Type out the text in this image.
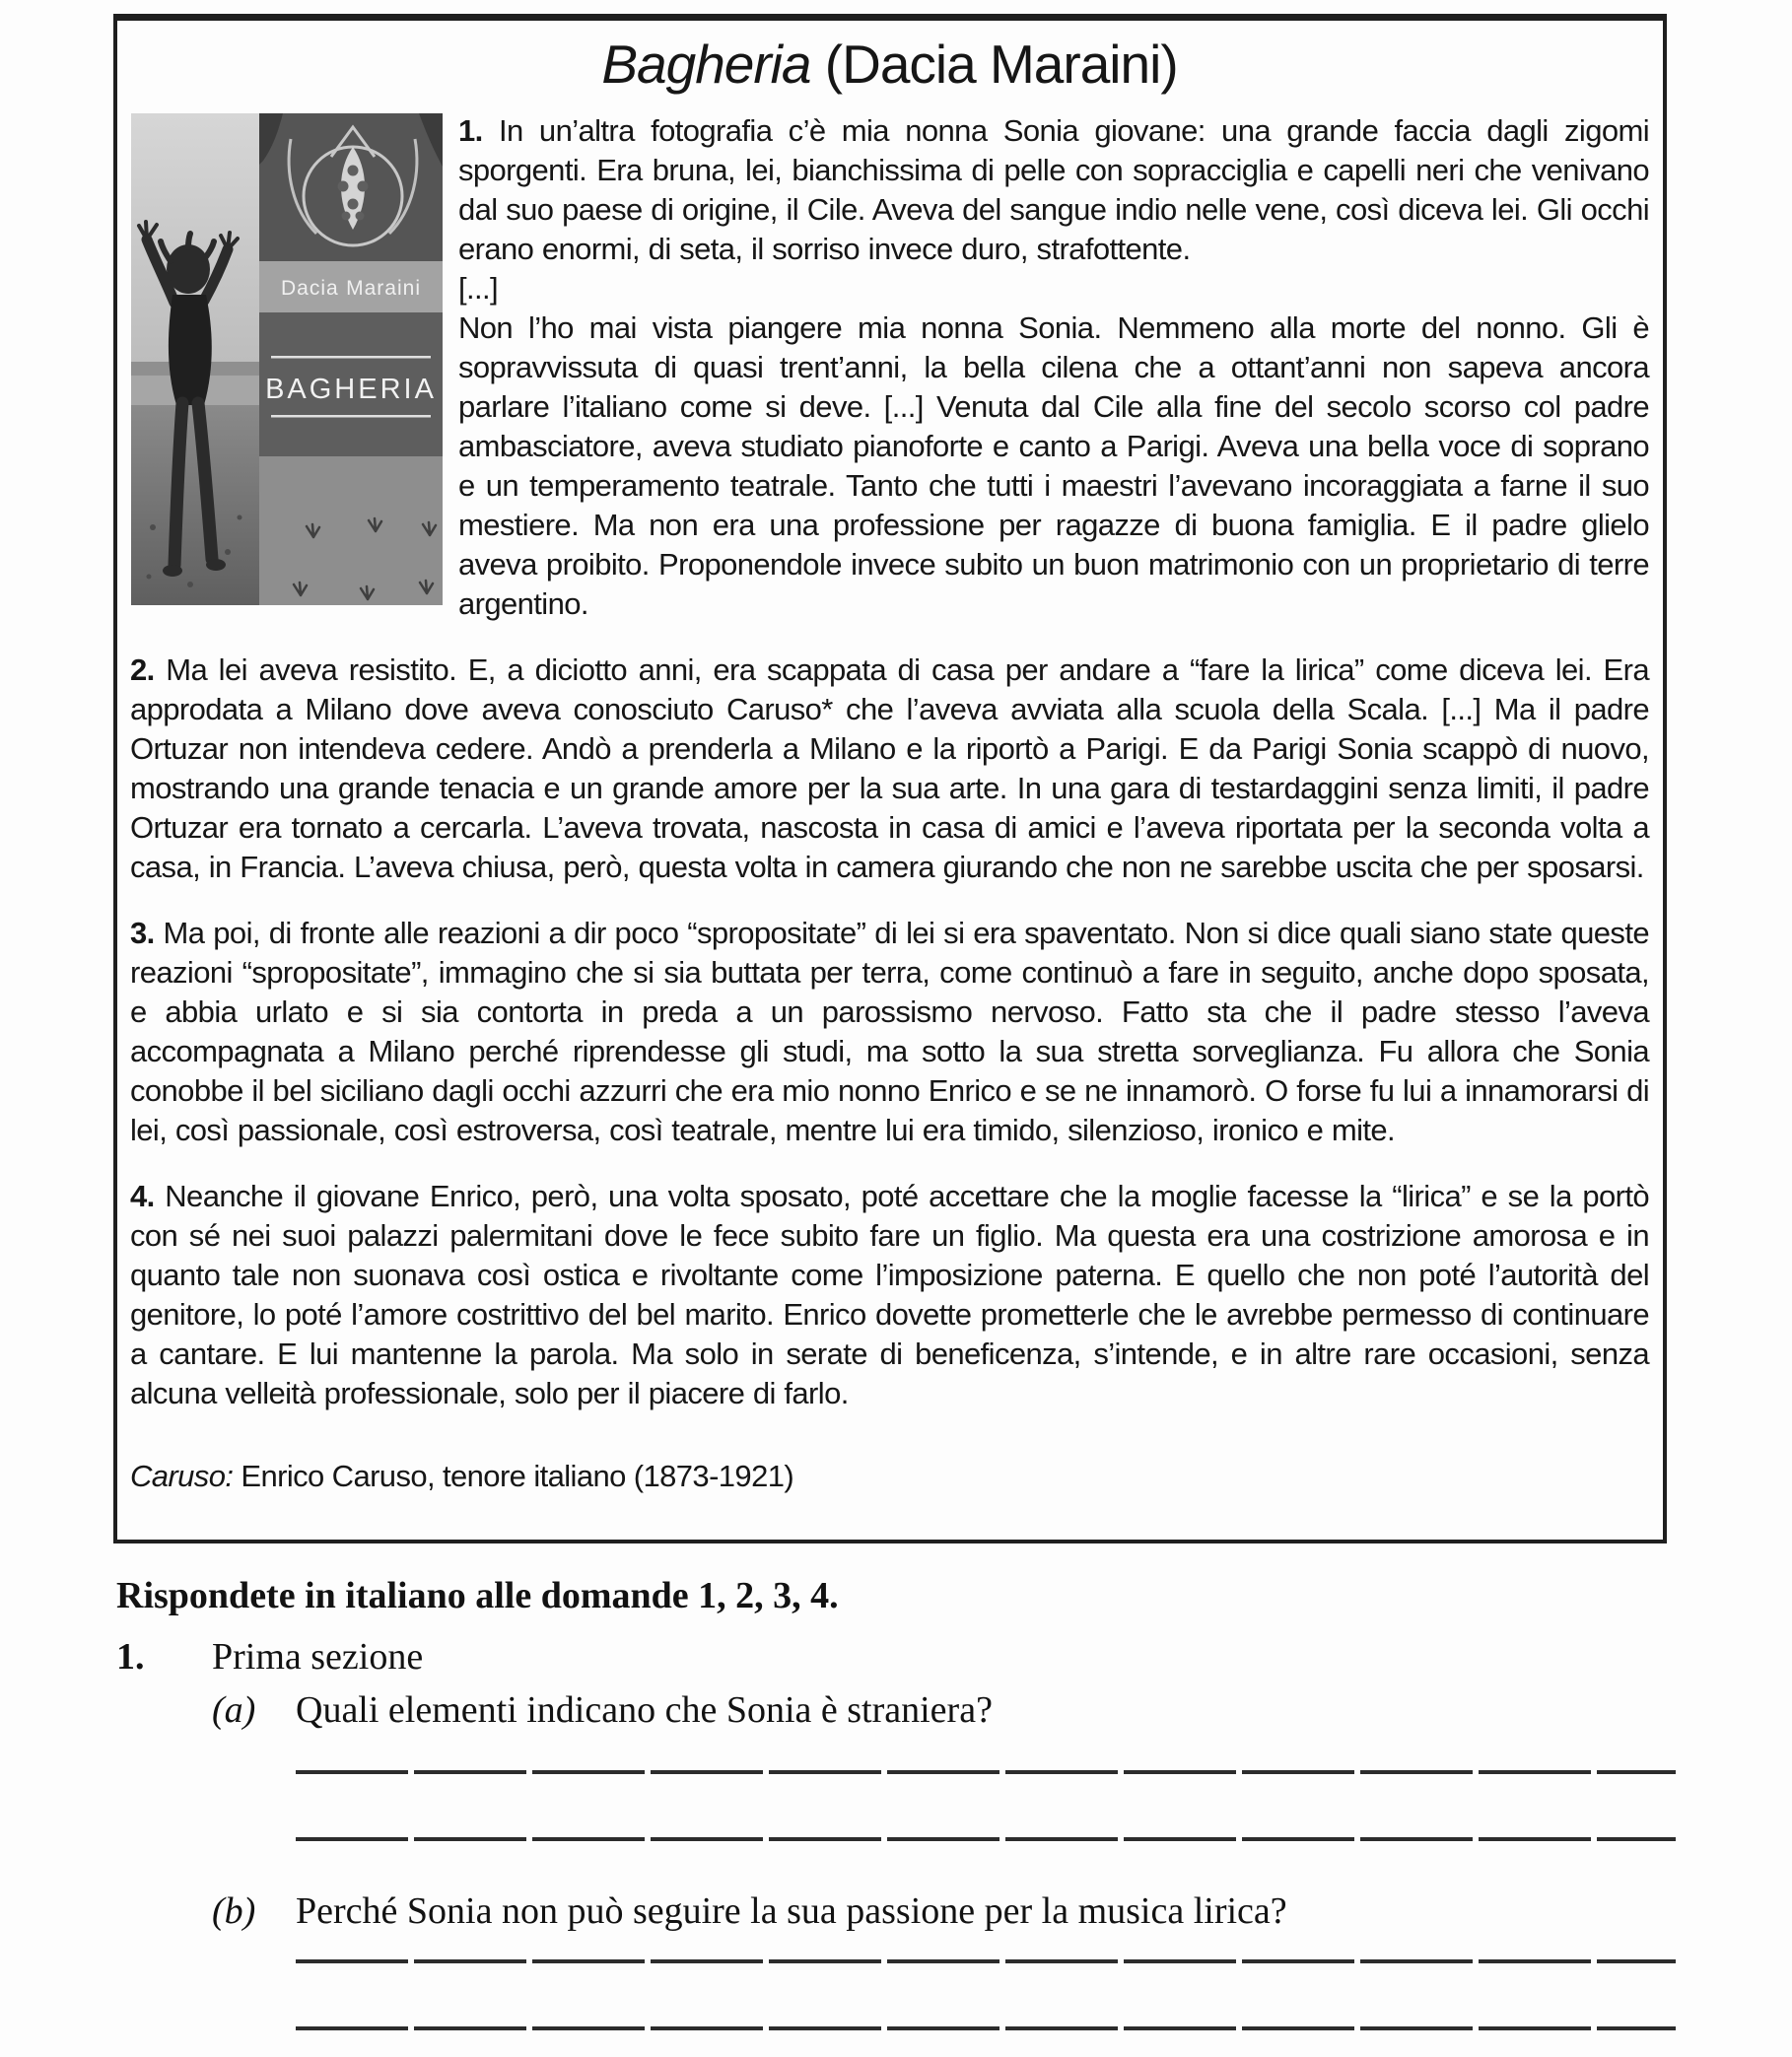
Bagheria (Dacia Maraini)

Dacia Maraini
BAGHERIA
1. In un’altra fotografia c’è mia nonna Sonia giovane: una grande faccia dagli zigomi sporgenti. Era bruna, lei, bianchissima di pelle con sopracciglia e capelli neri che venivano dal suo paese di origine, il Cile. Aveva del sangue indio nelle vene, così diceva lei. Gli occhi erano enormi, di seta, il sorriso invece duro, strafottente.
[...]
Non l’ho mai vista piangere mia nonna Sonia. Nemmeno alla morte del nonno. Gli è sopravvissuta di quasi trent’anni, la bella cilena che a ottant’anni non sapeva ancora parlare l’italiano come si deve. [...] Venuta dal Cile alla fine del secolo scorso col padre ambasciatore, aveva studiato pianoforte e canto a Parigi. Aveva una bella voce di soprano e un temperamento teatrale. Tanto che tutti i maestri l’avevano incoraggiata a farne il suo mestiere. Ma non era una professione per ragazze di buona famiglia. E il padre glielo aveva proibito. Proponendole invece subito un buon matrimonio con un proprietario di terre argentino.

2. Ma lei aveva resistito. E, a diciotto anni, era scappata di casa per andare a “fare la lirica” come diceva lei. Era approdata a Milano dove aveva conosciuto Caruso* che l’aveva avviata alla scuola della Scala. [...] Ma il padre Ortuzar non intendeva cedere. Andò a prenderla a Milano e la riportò a Parigi. E da Parigi Sonia scappò di nuovo, mostrando una grande tenacia e un grande amore per la sua arte. In una gara di testardaggini senza limiti, il padre Ortuzar era tornato a cercarla. L’aveva trovata, nascosta in casa di amici e l’aveva riportata per la seconda volta a casa, in Francia. L’aveva chiusa, però, questa volta in camera giurando che non ne sarebbe uscita che per sposarsi.

3. Ma poi, di fronte alle reazioni a dir poco “spropositate” di lei si era spaventato. Non si dice quali siano state queste reazioni “spropositate”, immagino che si sia buttata per terra, come continuò a fare in seguito, anche dopo sposata, e abbia urlato e si sia contorta in preda a un parossismo nervoso. Fatto sta che il padre stesso l’aveva accompagnata a Milano perché riprendesse gli studi, ma sotto la sua stretta sorveglianza. Fu allora che Sonia conobbe il bel siciliano dagli occhi azzurri che era mio nonno Enrico e se ne innamorò. O forse fu lui a innamorarsi di lei, così passionale, così estroversa, così teatrale, mentre lui era timido, silenzioso, ironico e mite.

4. Neanche il giovane Enrico, però, una volta sposato, poté accettare che la moglie facesse la “lirica” e se la portò con sé nei suoi palazzi palermitani dove le fece subito fare un figlio. Ma questa era una costrizione amorosa e in quanto tale non suonava così ostica e rivoltante come l’imposizione paterna. E quello che non poté l’autorità del genitore, lo poté l’amore costrittivo del bel marito. Enrico dovette prometterle che le avrebbe permesso di continuare a cantare. E lui mantenne la parola. Ma solo in serate di beneficenza, s’intende, e in altre rare occasioni, senza alcuna velleità professionale, solo per il piacere di farlo.

Caruso: Enrico Caruso, tenore italiano (1873-1921)

Rispondete in italiano alle domande 1, 2, 3, 4.
1.	Prima sezione
(a)	Quali elementi indicano che Sonia è straniera?
(b)	Perché Sonia non può seguire la sua passione per la musica lirica?
